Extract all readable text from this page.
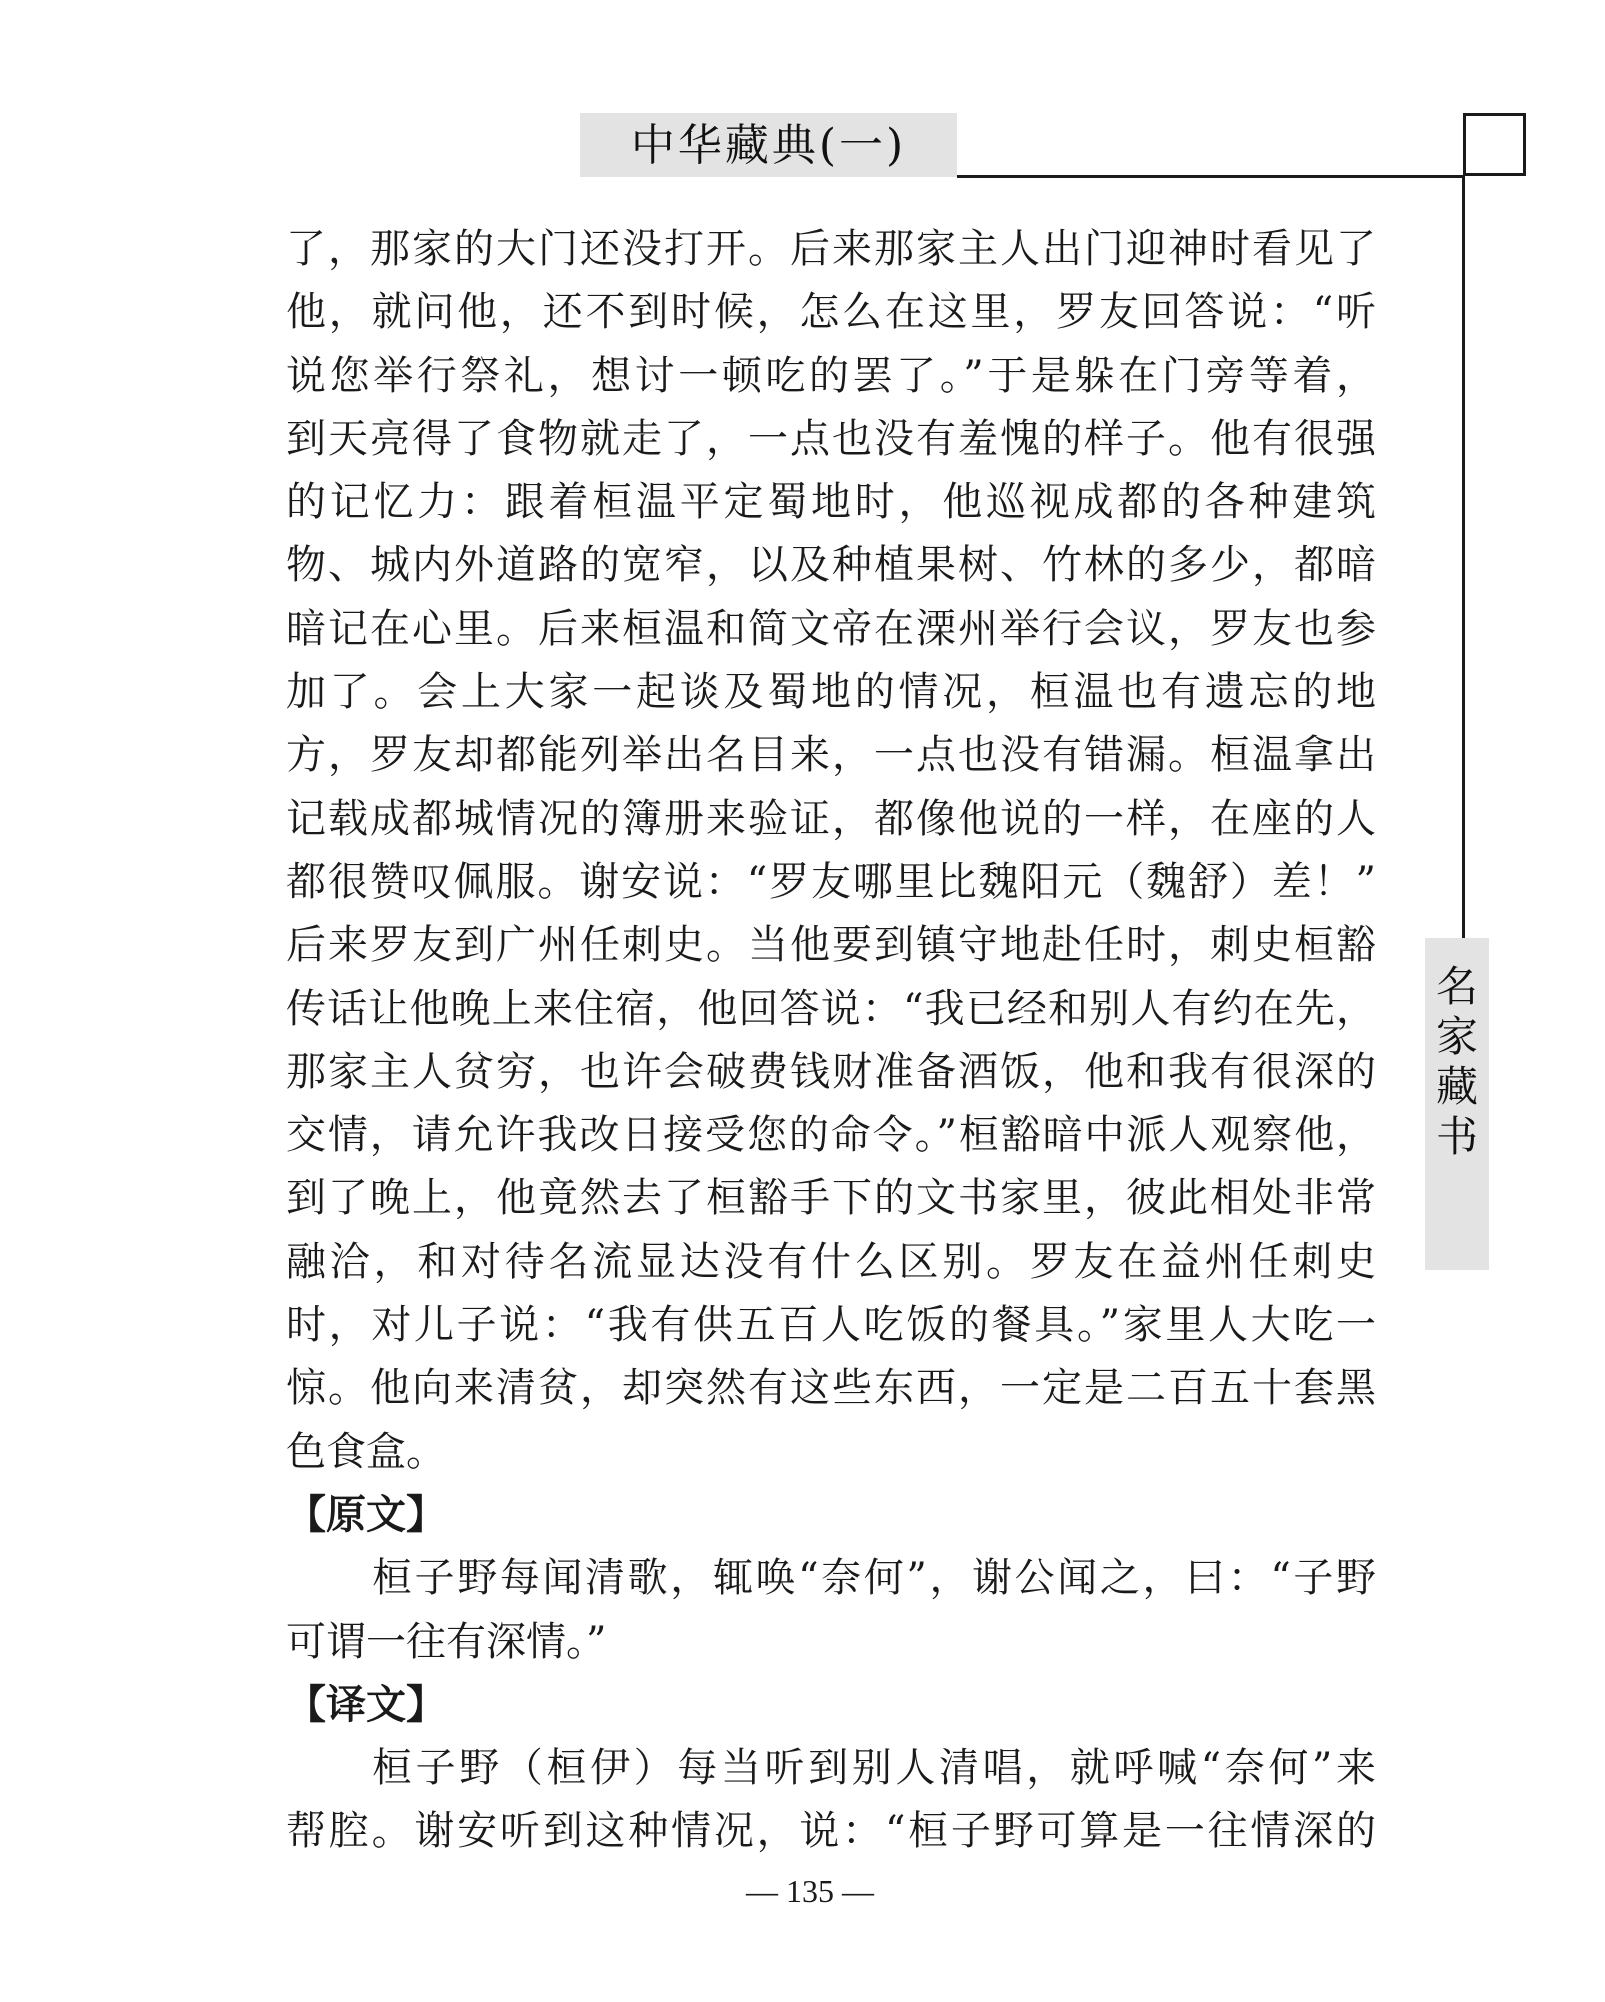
中华藏典(一)
名
家
藏
书
了，那家的大门还没打开。后来那家主人出门迎神时看见了
他，就问他，还不到时候，怎么在这里，罗友回答说：“听
说您举行祭礼，想讨一顿吃的罢了。”于是躲在门旁等着，
到天亮得了食物就走了，一点也没有羞愧的样子。他有很强
的记忆力：跟着桓温平定蜀地时，他巡视成都的各种建筑
物、城内外道路的宽窄，以及种植果树、竹林的多少，都暗
暗记在心里。后来桓温和简文帝在溧州举行会议，罗友也参
加了。会上大家一起谈及蜀地的情况，桓温也有遗忘的地
方，罗友却都能列举出名目来，一点也没有错漏。桓温拿出
记载成都城情况的簿册来验证，都像他说的一样，在座的人
都很赞叹佩服。谢安说：“罗友哪里比魏阳元（魏舒）差！”
后来罗友到广州任刺史。当他要到镇守地赴任时，刺史桓豁
传话让他晚上来住宿，他回答说：“我已经和别人有约在先，
那家主人贫穷，也许会破费钱财准备酒饭，他和我有很深的
交情，请允许我改日接受您的命令。”桓豁暗中派人观察他，
到了晚上，他竟然去了桓豁手下的文书家里，彼此相处非常
融洽，和对待名流显达没有什么区别。罗友在益州任刺史
时，对儿子说：“我有供五百人吃饭的餐具。”家里人大吃一
惊。他向来清贫，却突然有这些东西，一定是二百五十套黑
色食盒。
【原文】
桓子野每闻清歌，辄唤“奈何”，谢公闻之，曰：“子野
可谓一往有深情。”
【译文】
桓子野（桓伊）每当听到别人清唱，就呼喊“奈何”来
帮腔。谢安听到这种情况，说：“桓子野可算是一往情深的
— 135 —
